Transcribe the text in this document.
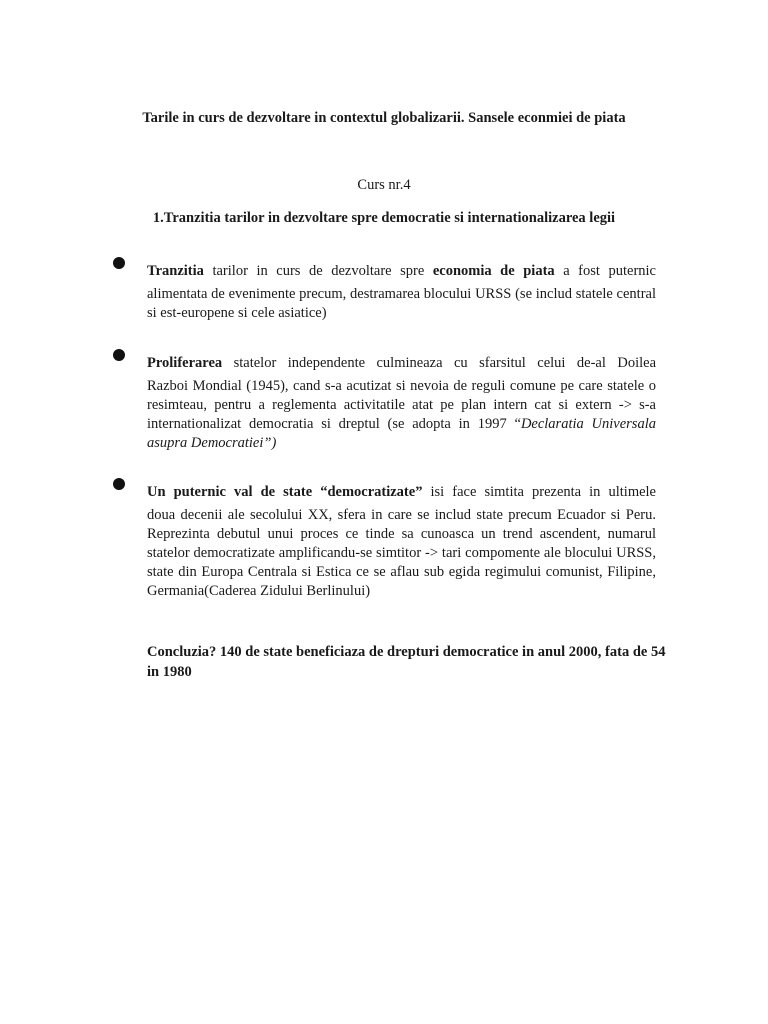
Tarile in curs de dezvoltare in contextul globalizarii. Sansele econmiei de piata
Curs nr.4
1.Tranzitia tarilor in dezvoltare spre democratie si internationalizarea legii
Tranzitia tarilor in curs de dezvoltare spre economia de piata a fost puternic
alimentata de evenimente precum, destramarea blocului URSS (se includ statele central si est-europene si cele asiatice)
Proliferarea statelor independente culmineaza cu sfarsitul celui de-al Doilea
Razboi Mondial (1945), cand s-a acutizat si nevoia de reguli comune pe care statele o resimteau, pentru a reglementa activitatile atat pe plan intern cat si extern -> s-a internationalizat democratia si dreptul (se adopta in 1997 “Declaratia Universala asupra Democratiei”)
Un puternic val de state “democratizate” isi face simtita prezenta in ultimele
doua decenii ale secolului XX, sfera in care se includ state precum Ecuador si Peru. Reprezinta debutul unui proces ce tinde sa cunoasca un trend ascendent, numarul statelor democratizate amplificandu-se simtitor -> tari compomente ale blocului URSS, state din Europa Centrala si Estica ce se aflau sub egida regimului comunist, Filipine, Germania(Caderea Zidului Berlinului)
Concluzia? 140 de state beneficiaza de drepturi democratice in anul 2000, fata de 54 in 1980
